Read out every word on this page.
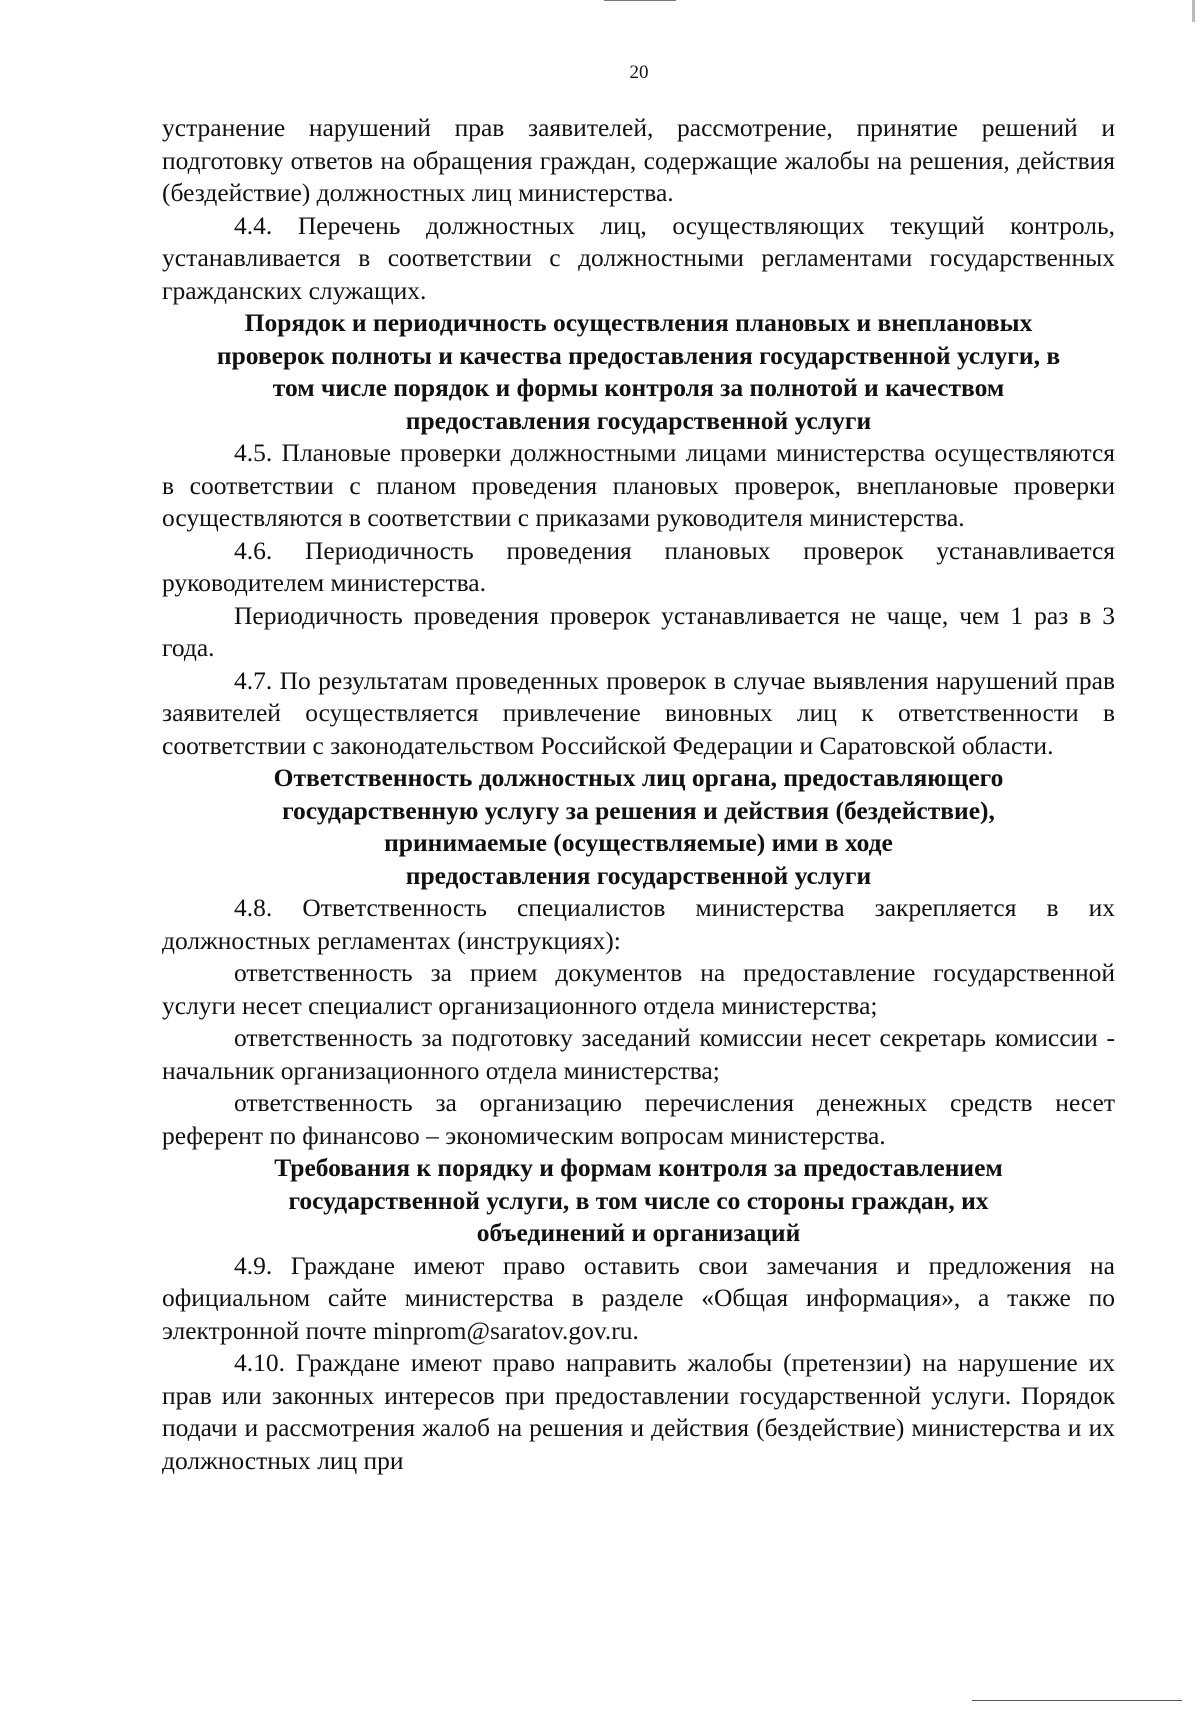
20

устранение нарушений прав заявителей, рассмотрение, принятие решений и подготовку ответов на обращения граждан, содержащие жалобы на решения, действия (бездействие) должностных лиц министерства.

4.4. Перечень должностных лиц, осуществляющих текущий контроль, устанавливается в соответствии с должностными регламентами государственных гражданских служащих.

Порядок и периодичность осуществления плановых и внеплановых
проверок полноты и качества предоставления государственной услуги, в
том числе порядок и формы контроля за полнотой и качеством
предоставления государственной услуги

4.5. Плановые проверки должностными лицами министерства осуществляются в соответствии с планом проведения плановых проверок, внеплановые проверки осуществляются в соответствии с приказами руководителя министерства.

4.6. Периодичность проведения плановых проверок устанавливается руководителем министерства.

Периодичность проведения проверок устанавливается не чаще, чем 1 раз в 3 года.

4.7. По результатам проведенных проверок в случае выявления нарушений прав заявителей осуществляется привлечение виновных лиц к ответственности в соответствии с законодательством Российской Федерации и Саратовской области.

Ответственность должностных лиц органа, предоставляющего
государственную услугу за решения и действия (бездействие),
принимаемые (осуществляемые) ими в ходе
предоставления государственной услуги

4.8. Ответственность специалистов министерства закрепляется в их должностных регламентах (инструкциях):

ответственность за прием документов на предоставление государственной услуги несет специалист организационного отдела министерства;

ответственность за подготовку заседаний комиссии несет секретарь комиссии - начальник организационного отдела министерства;

ответственность за организацию перечисления денежных средств несет референт по финансово – экономическим вопросам министерства.

Требования к порядку и формам контроля за предоставлением
государственной услуги, в том числе со стороны граждан, их
объединений и организаций

4.9. Граждане имеют право оставить свои замечания и предложения на официальном сайте министерства в разделе «Общая информация», а также по электронной почте minprom@saratov.gov.ru.

4.10. Граждане имеют право направить жалобы (претензии) на нарушение их прав или законных интересов при предоставлении государственной услуги. Порядок подачи и рассмотрения жалоб на решения и действия (бездействие) министерства и их должностных лиц при
